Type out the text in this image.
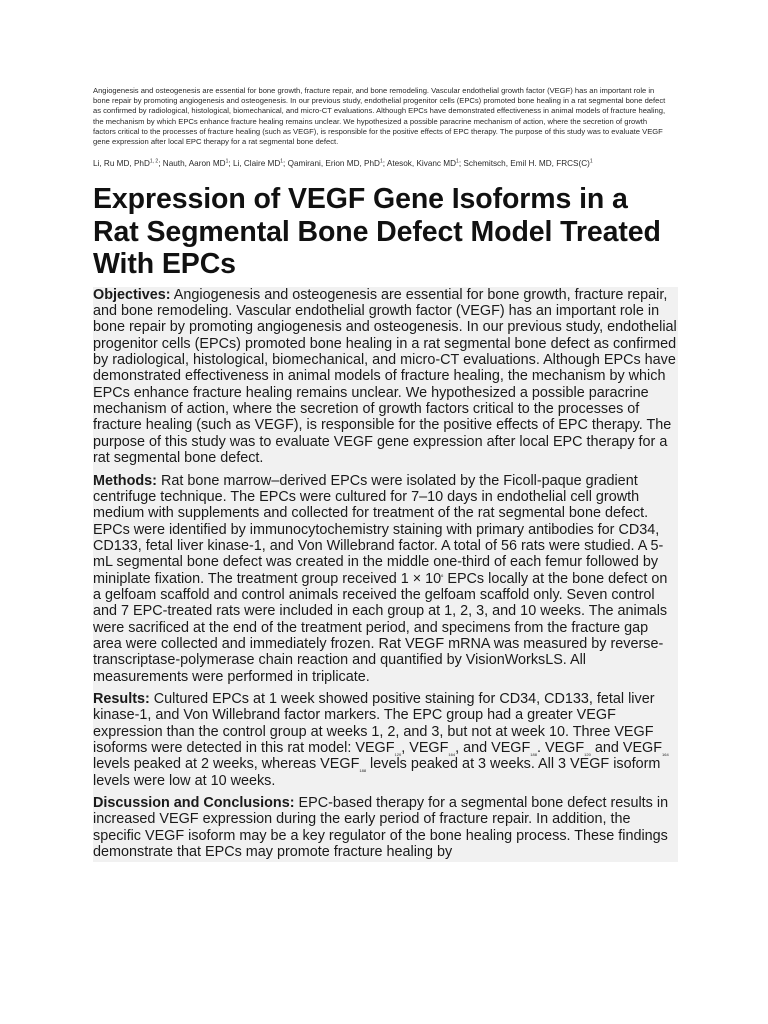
Angiogenesis and osteogenesis are essential for bone growth, fracture repair, and bone remodeling. Vascular endothelial growth factor (VEGF) has an important role in bone repair by promoting angiogenesis and osteogenesis. In our previous study, endothelial progenitor cells (EPCs) promoted bone healing in a rat segmental bone defect as confirmed by radiological, histological, biomechanical, and micro-CT evaluations. Although EPCs have demonstrated effectiveness in animal models of fracture healing, the mechanism by which EPCs enhance fracture healing remains unclear. We hypothesized a possible paracrine mechanism of action, where the secretion of growth factors critical to the processes of fracture healing (such as VEGF), is responsible for the positive effects of EPC therapy. The purpose of this study was to evaluate VEGF gene expression after local EPC therapy for a rat segmental bone defect.

Li, Ru MD, PhD$^{1, 2}$; Nauth, Aaron $MD^1$; Li, Claire $MD^1$; Qamirani, Erion MD, PhD$^1$; Atesok, Kivanc $MD^1$; Schemitsch, Emil H. MD, $FRCS(C)^1$
Expression of VEGF Gene Isoforms in a Rat Segmental Bone Defect Model Treated With EPCs

Objectives: Angiogenesis and osteogenesis are essential for bone growth, fracture repair, and bone remodeling. Vascular endothelial growth factor (VEGF) has an important role in bone repair by promoting angiogenesis and osteogenesis. In our previous study, endothelial progenitor cells (EPCs) promoted bone healing in a rat segmental bone defect as confirmed by radiological, histological, biomechanical, and micro-CT evaluations. Although EPCs have demonstrated effectiveness in animal models of fracture healing, the mechanism by which EPCs enhance fracture healing remains unclear. We hypothesized a possible paracrine mechanism of action, where the secretion of growth factors critical to the processes of fracture healing (such as VEGF), is responsible for the positive effects of EPC therapy. The purpose of this study was to evaluate VEGF gene expression after local EPC therapy for a rat segmental bone defect.

Methods: Rat bone marrow–derived EPCs were isolated by the Ficoll-paque gradient centrifuge technique. The EPCs were cultured for 7–10 days in endothelial cell growth medium with supplements and collected for treatment of the rat segmental bone defect. EPCs were identified by immunocytochemistry staining with primary antibodies for CD34, CD133, fetal liver kinase-1, and Von Willebrand factor. A total of 56 rats were studied. A 5-mL segmental bone defect was created in the middle one-third of each femur followed by miniplate fixation. The treatment group received $1 \times 10^6$ EPCs locally at the bone defect on a gelfoam scaffold and control animals received the gelfoam scaffold only. Seven control and 7 EPC-treated rats were included in each group at 1, 2, 3, and 10 weeks. The animals were sacrificed at the end of the treatment period, and specimens from the fracture gap area were collected and immediately frozen. Rat VEGF mRNA was measured by reverse-transcriptase-polymerase chain reaction and quantified by VisionWorksLS. All measurements were performed in triplicate.

Results: Cultured EPCs at 1 week showed positive staining for CD34, CD133, fetal liver kinase-1, and Von Willebrand factor markers. The EPC group had a greater VEGF expression than the control group at weeks 1, 2, and 3, but not at week 10. Three VEGF isoforms were detected in this rat model: $VEGF_{120}$, $VEGF_{164}$, and $VEGF_{188}$. $VEGF_{120}$ and $VEGF_{164}$ levels peaked at 2 weeks, whereas $VEGF_{188}$ levels peaked at 3 weeks. All 3 VEGF isoform levels were low at 10 weeks.

Discussion and Conclusions: EPC-based therapy for a segmental bone defect results in increased VEGF expression during the early period of fracture repair. In addition, the specific VEGF isoform may be a key regulator of the bone healing process. These findings demonstrate that EPCs may promote fracture healing by
